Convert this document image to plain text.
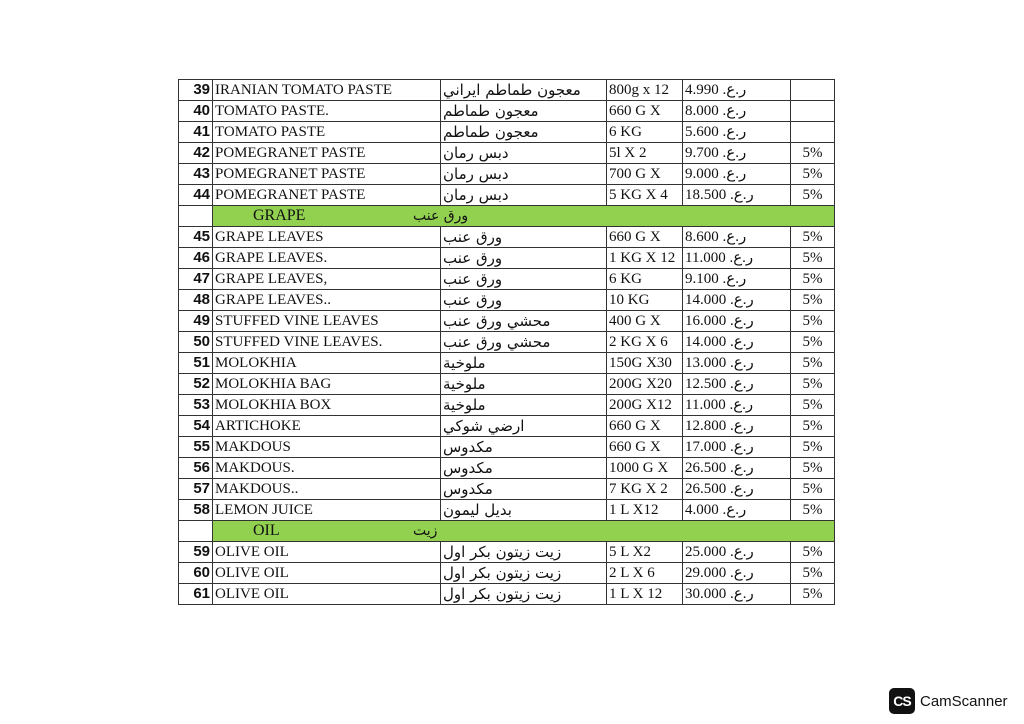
39	IRANIAN TOMATO PASTE	معجون طماطم ايراني	800g x 12	ر.ع. 4.990	
40	TOMATO PASTE.	معجون طماطم	660 G X	ر.ع. 8.000	
41	TOMATO PASTE	معجون طماطم	6 KG	ر.ع. 5.600	
42	POMEGRANET PASTE	دبس رمان	5l X 2	ر.ع. 9.700	5%
43	POMEGRANET PASTE	دبس رمان	700 G X	ر.ع. 9.000	5%
44	POMEGRANET PASTE	دبس رمان	5 KG X 4	ر.ع. 18.500	5%

	GRAPE ورق عنب				

45	GRAPE LEAVES	ورق عنب	660 G X	ر.ع. 8.600	5%
46	GRAPE LEAVES.	ورق عنب	1 KG X 12	ر.ع. 11.000	5%
47	GRAPE LEAVES,	ورق عنب	6 KG	ر.ع. 9.100	5%
48	GRAPE LEAVES..	ورق عنب	10 KG	ر.ع. 14.000	5%
49	STUFFED VINE LEAVES	محشي ورق عنب	400 G X	ر.ع. 16.000	5%
50	STUFFED VINE LEAVES.	محشي ورق عنب	2 KG X 6	ر.ع. 14.000	5%
51	MOLOKHIA	ملوخية	150G X30	ر.ع. 13.000	5%
52	MOLOKHIA BAG	ملوخية	200G X20	ر.ع. 12.500	5%
53	MOLOKHIA BOX	ملوخية	200G X12	ر.ع. 11.000	5%
54	ARTICHOKE	ارضي شوكي	660 G X	ر.ع. 12.800	5%
55	MAKDOUS	مكدوس	660 G X	ر.ع. 17.000	5%
56	MAKDOUS.	مكدوس	1000 G X	ر.ع. 26.500	5%
57	MAKDOUS..	مكدوس	7 KG X 2	ر.ع. 26.500	5%
58	LEMON JUICE	بديل ليمون	1 L X12	ر.ع. 4.000	5%

	OIL زيت				

59	OLIVE OIL	زيت زيتون بكر اول	5 L X2	ر.ع. 25.000	5%
60	OLIVE OIL	زيت زيتون بكر اول	2 L X 6	ر.ع. 29.000	5%
61	OLIVE OIL	زيت زيتون بكر اول	1 L X 12	ر.ع. 30.000	5%
CS CamScanner
